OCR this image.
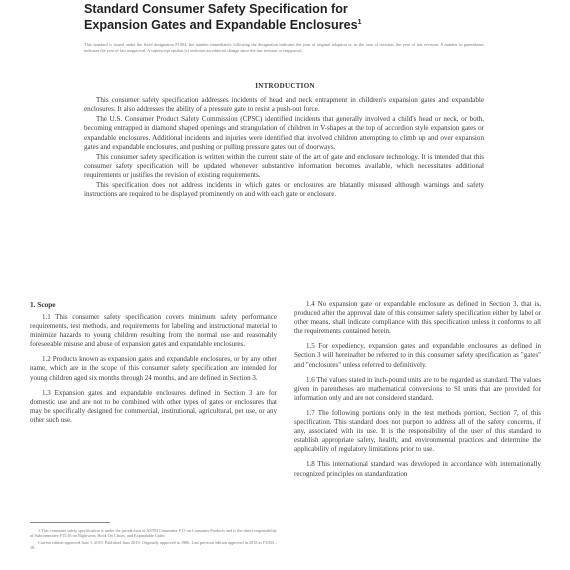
Standard Consumer Safety Specification for
Expansion Gates and Expandable Enclosures$^1$
This standard is issued under the fixed designation F1004; the number immediately following the designation indicates the year of original adoption or, in the case of revision, the year of last revision. A number in parentheses indicates the year of last reapproval. A superscript epsilon (ε) indicates an editorial change since the last revision or reapproval.
INTRODUCTION

This consumer safety specification addresses incidents of head and neck entrapment in children's expansion gates and expandable enclosures. It also addresses the ability of a pressure gate to resist a push-out force.

The U.S. Consumer Product Safety Commission (CPSC) identified incidents that generally involved a child's head or neck, or both, becoming entrapped in diamond shaped openings and strangulation of children in V-shapes at the top of accordion style expansion gates or expandable enclosures. Additional incidents and injuries were identified that involved children attempting to climb up and over expansion gates and expandable enclosures, and pushing or pulling pressure gates out of doorways.

This consumer safety specification is written within the current state of the art of gate and enclosure technology. It is intended that this consumer safety specification will be updated whenever substantive information becomes available, which necessitates additional requirements or justifies the revision of existing requirements.

This specification does not address incidents in which gates or enclosures are blatantly misused although warnings and safety instructions are required to be displayed prominently on and with each gate or enclosure.

1. Scope

1.1 This consumer safety specification covers minimum safety performance requirements, test methods, and requirements for labeling and instructional material to minimize hazards to young children resulting from the normal use and reasonably foreseeable misuse and abuse of expansion gates and expandable enclosures.

1.2 Products known as expansion gates and expandable enclosures, or by any other name, which are in the scope of this consumer safety specification are intended for young children aged six months through 24 months, and are defined in Section 3.

1.3 Expansion gates and expandable enclosures defined in Section 3 are for domestic use and are not to be combined with other types of gates or enclosures that may be specifically designed for commercial, institutional, agricultural, pet use, or any other such use.

1.4 No expansion gate or expandable enclosure as defined in Section 3, that is, produced after the approval date of this consumer safety specification either by label or other means, shall indicate compliance with this specification unless it conforms to all the requirements contained herein.

1.5 For expediency, expansion gates and expandable enclosures as defined in Section 3 will hereinafter be referred to in this consumer safety specification as "gates" and "enclosures" unless referred to definitively.

1.6 The values stated in inch-pound units are to be regarded as standard. The values given in parentheses are mathematical conversions to SI units that are provided for information only and are not considered standard.

1.7 The following portions only in the test methods portion, Section 7, of this specification. This standard does not purport to address all of the safety concerns, if any, associated with its use. It is the responsibility of the user of this standard to establish appropriate safety, health, and environmental practices and determine the applicability of regulatory limitations prior to use.

1.8 This international standard was developed in accordance with internationally recognized principles on standardization

1 This consumer safety specification is under the jurisdiction of ASTM Committee F15 on Consumer Products and is the direct responsibility of Subcommittee F15.16 on Nightwear, Hook On Chairs, and Expandable Gates.

Current edition approved June 1, 2019. Published June 2019. Originally approved in 1986. Last previous edition approved in 2018 as F1004 – 18.
